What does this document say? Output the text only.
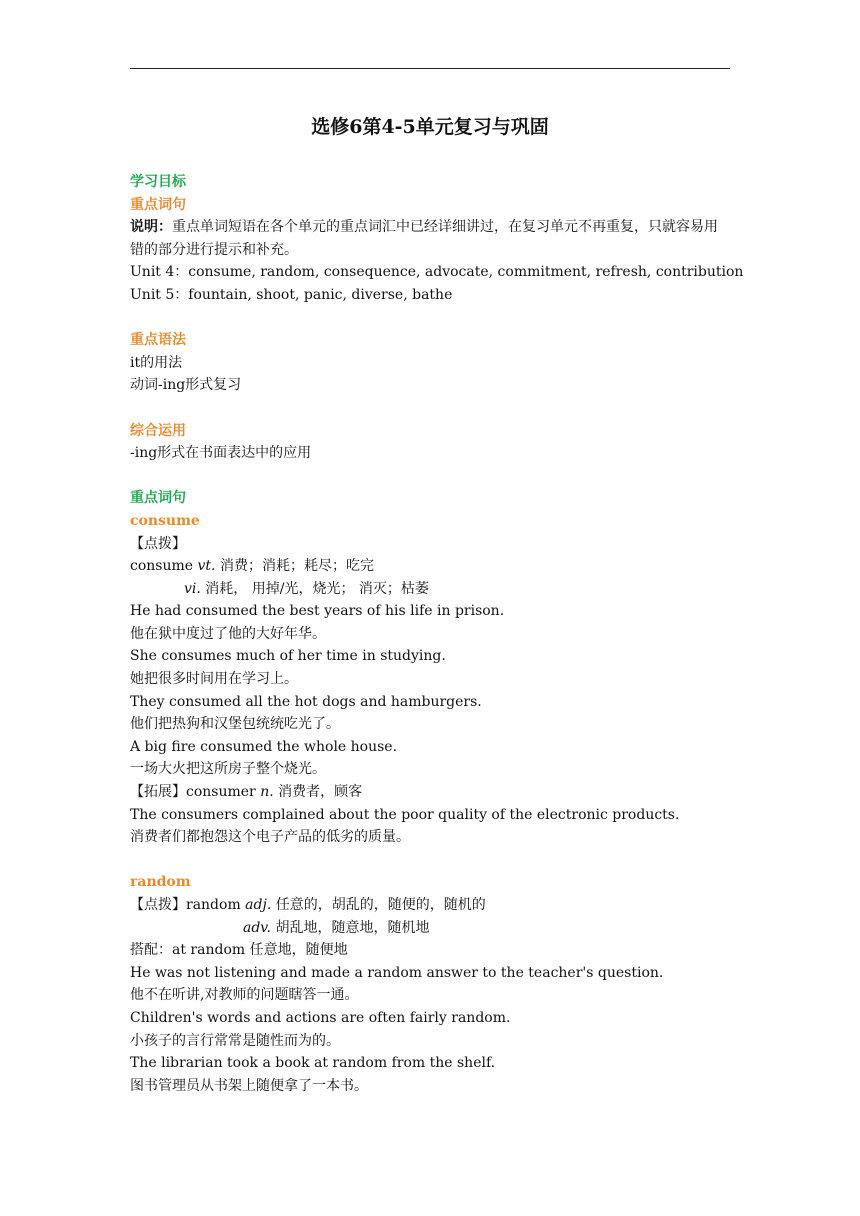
选修6第4-5单元复习与巩固
学习目标
重点词句
说明：重点单词短语在各个单元的重点词汇中已经详细讲过，在复习单元不再重复，只就容易用错的部分进行提示和补充。
Unit 4：consume, random, consequence, advocate, commitment, refresh, contribution
Unit 5：fountain, shoot, panic, diverse, bathe
重点语法
it的用法
动词-ing形式复习
综合运用
-ing形式在书面表达中的应用
重点词句
consume
【点拨】
consume vt. 消费；消耗；耗尽；吃完
vi. 消耗， 用掉/光，烧光； 消灭；枯萎
He had consumed the best years of his life in prison.
他在狱中度过了他的大好年华。
She consumes much of her time in studying.
她把很多时间用在学习上。
They consumed all the hot dogs and hamburgers.
他们把热狗和汉堡包统统吃光了。
A big fire consumed the whole house.
一场大火把这所房子整个烧光。
【拓展】consumer n. 消费者，顾客
The consumers complained about the poor quality of the electronic products.
消费者们都抱怨这个电子产品的低劣的质量。
random
【点拨】random adj. 任意的，胡乱的，随便的，随机的
adv. 胡乱地，随意地，随机地
搭配：at random 任意地，随便地
He was not listening and made a random answer to the teacher's question.
他不在听讲,对教师的问题瞎答一通。
Children's words and actions are often fairly random.
小孩子的言行常常是随性而为的。
The librarian took a book at random from the shelf.
图书管理员从书架上随便拿了一本书。
